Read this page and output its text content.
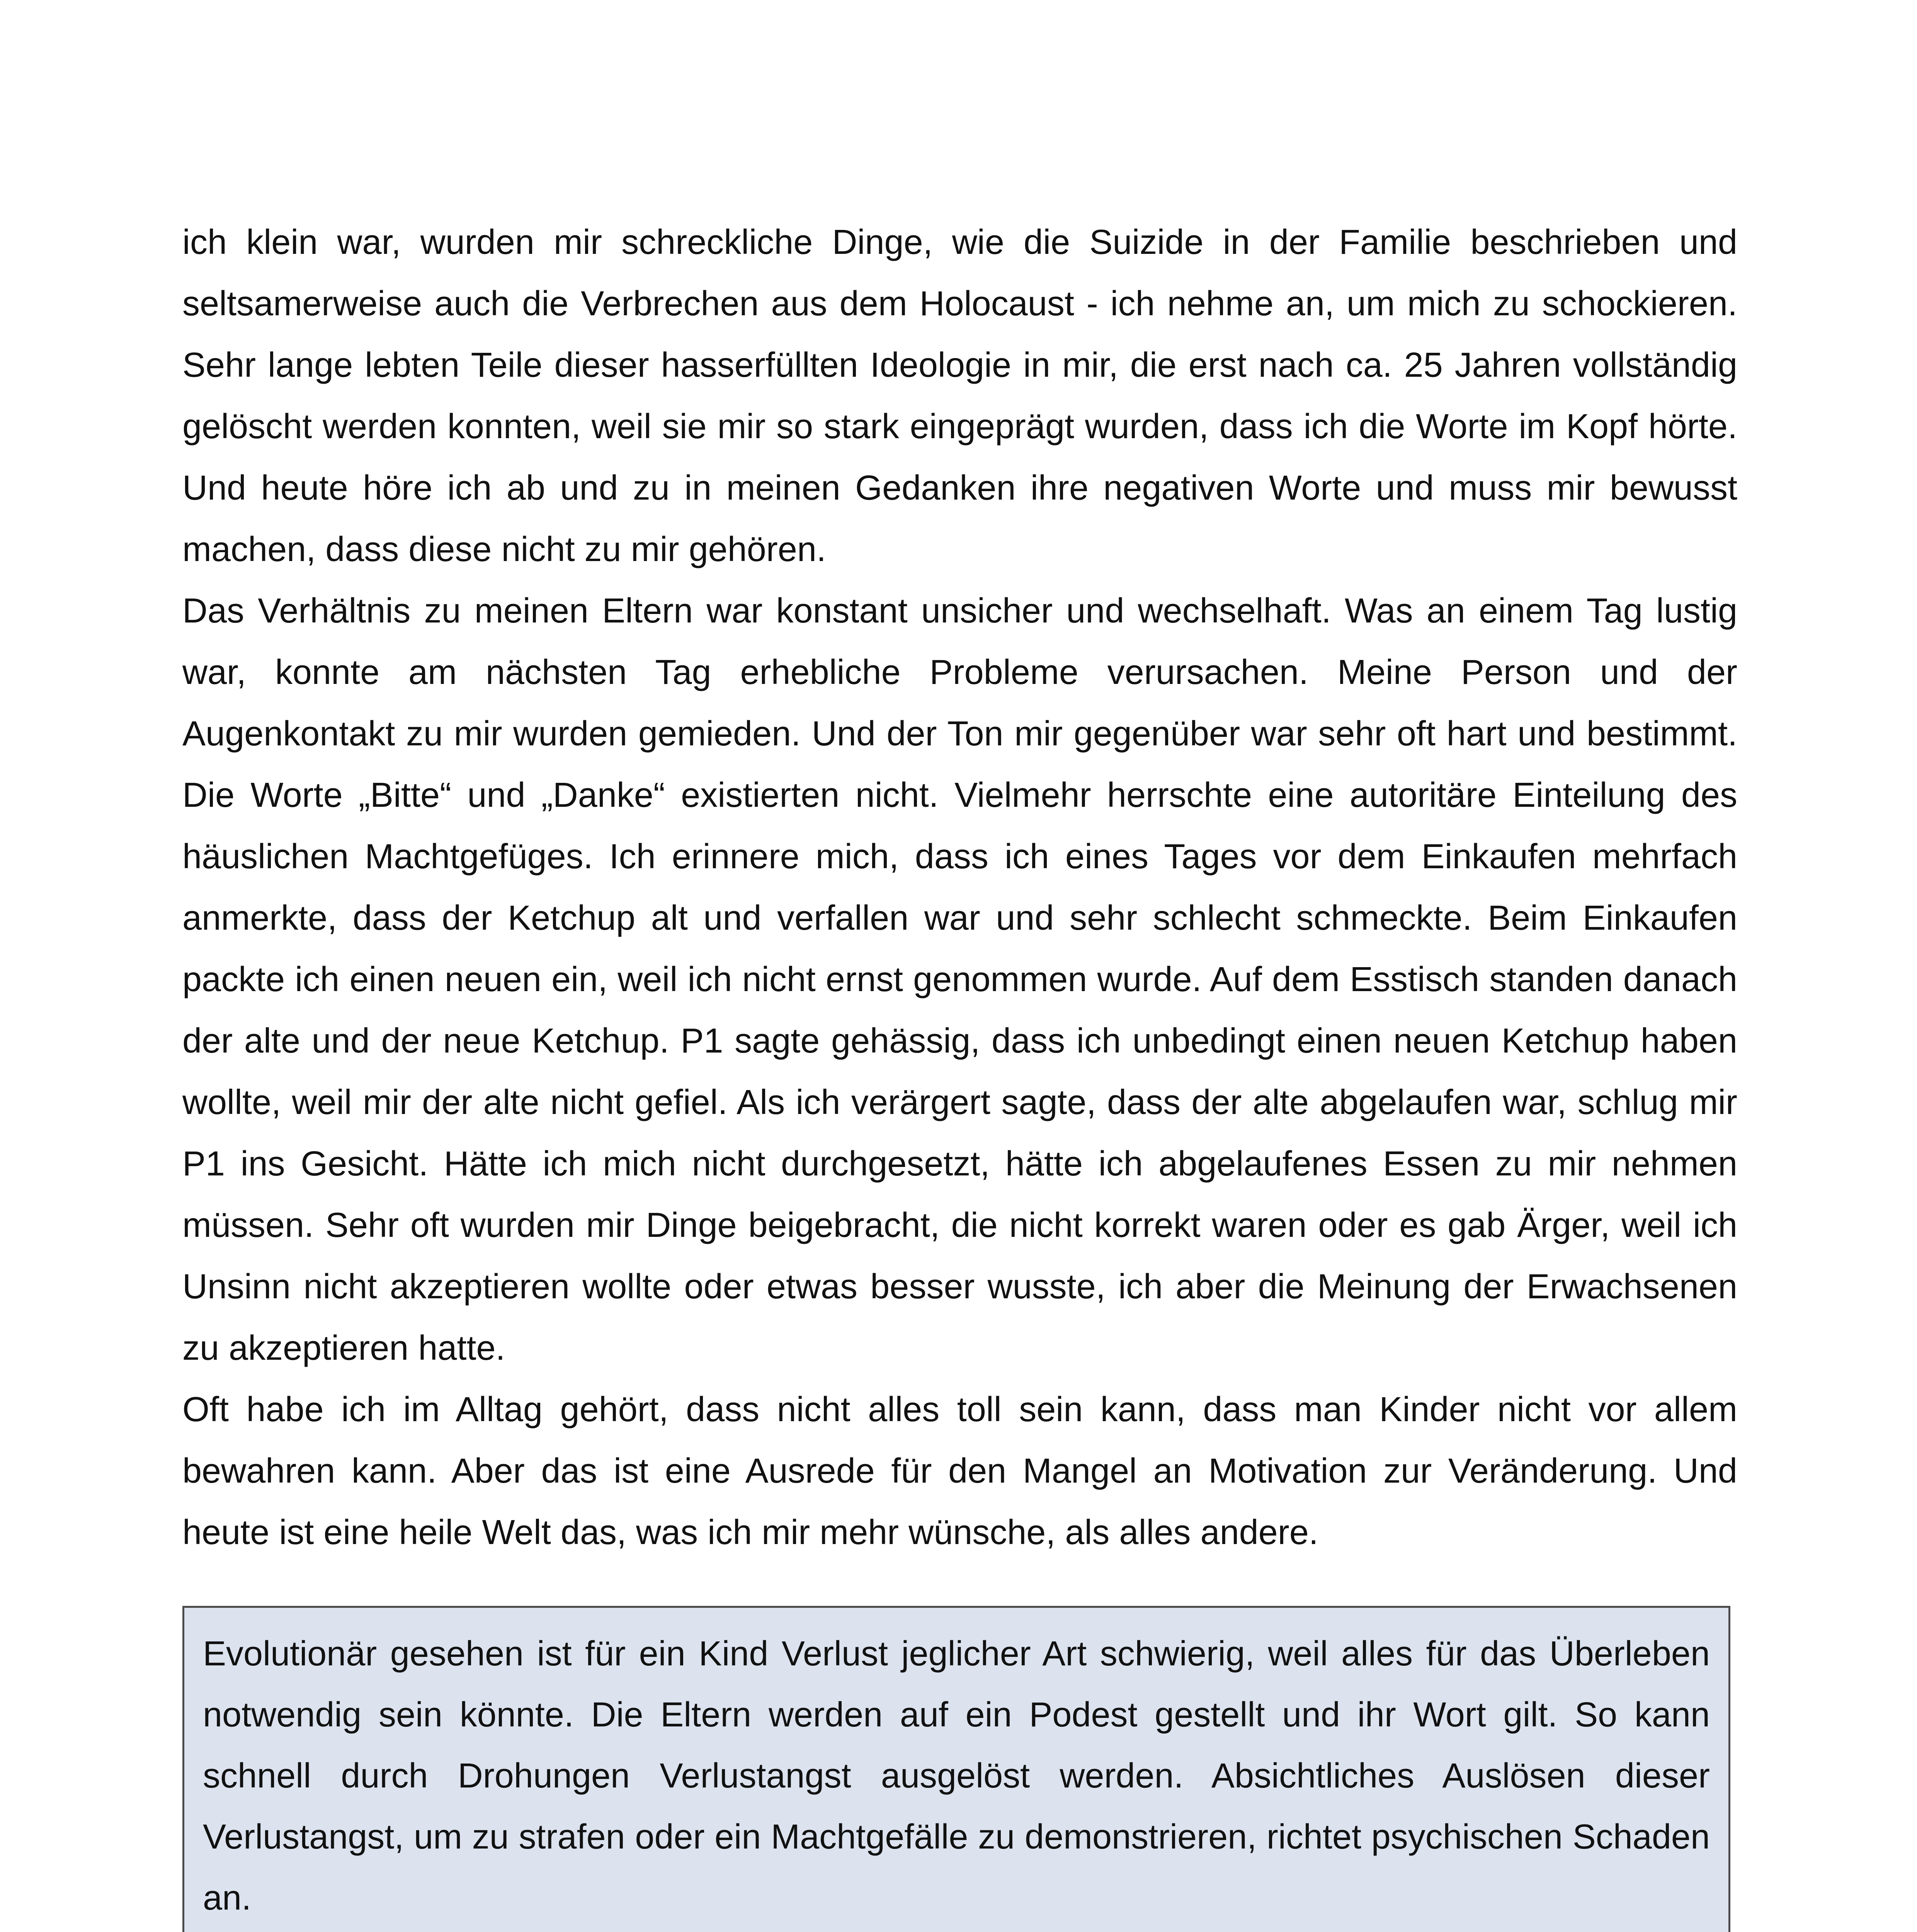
ich klein war, wurden mir schreckliche Dinge, wie die Suizide in der Familie beschrieben und seltsamerweise auch die Verbrechen aus dem Holocaust - ich nehme an, um mich zu schockieren. Sehr lange lebten Teile dieser hasserfüllten Ideologie in mir, die erst nach ca. 25 Jahren vollständig gelöscht werden konnten, weil sie mir so stark eingeprägt wurden, dass ich die Worte im Kopf hörte. Und heute höre ich ab und zu in meinen Gedanken ihre negativen Worte und muss mir bewusst machen, dass diese nicht zu mir gehören.

Das Verhältnis zu meinen Eltern war konstant unsicher und wechselhaft. Was an einem Tag lustig war, konnte am nächsten Tag erhebliche Probleme verursachen. Meine Person und der Augenkontakt zu mir wurden gemieden. Und der Ton mir gegenüber war sehr oft hart und bestimmt. Die Worte „Bitte“ und „Danke“ existierten nicht. Vielmehr herrschte eine autoritäre Einteilung des häuslichen Machtgefüges. Ich erinnere mich, dass ich eines Tages vor dem Einkaufen mehrfach anmerkte, dass der Ketchup alt und verfallen war und sehr schlecht schmeckte. Beim Einkaufen packte ich einen neuen ein, weil ich nicht ernst genommen wurde. Auf dem Esstisch standen danach der alte und der neue Ketchup. P1 sagte gehässig, dass ich unbedingt einen neuen Ketchup haben wollte, weil mir der alte nicht gefiel. Als ich verärgert sagte, dass der alte abgelaufen war, schlug mir P1 ins Gesicht. Hätte ich mich nicht durchgesetzt, hätte ich abgelaufenes Essen zu mir nehmen müssen. Sehr oft wurden mir Dinge beigebracht, die nicht korrekt waren oder es gab Ärger, weil ich Unsinn nicht akzeptieren wollte oder etwas besser wusste, ich aber die Meinung der Erwachsenen zu akzeptieren hatte.

Oft habe ich im Alltag gehört, dass nicht alles toll sein kann, dass man Kinder nicht vor allem bewahren kann. Aber das ist eine Ausrede für den Mangel an Motivation zur Veränderung. Und heute ist eine heile Welt das, was ich mir mehr wünsche, als alles andere.

Evolutionär gesehen ist für ein Kind Verlust jeglicher Art schwierig, weil alles für das Überleben notwendig sein könnte. Die Eltern werden auf ein Podest gestellt und ihr Wort gilt. So kann schnell durch Drohungen Verlustangst ausgelöst werden. Absichtliches Auslösen dieser Verlustangst, um zu strafen oder ein Machtgefälle zu demonstrieren, richtet psychischen Schaden an.
